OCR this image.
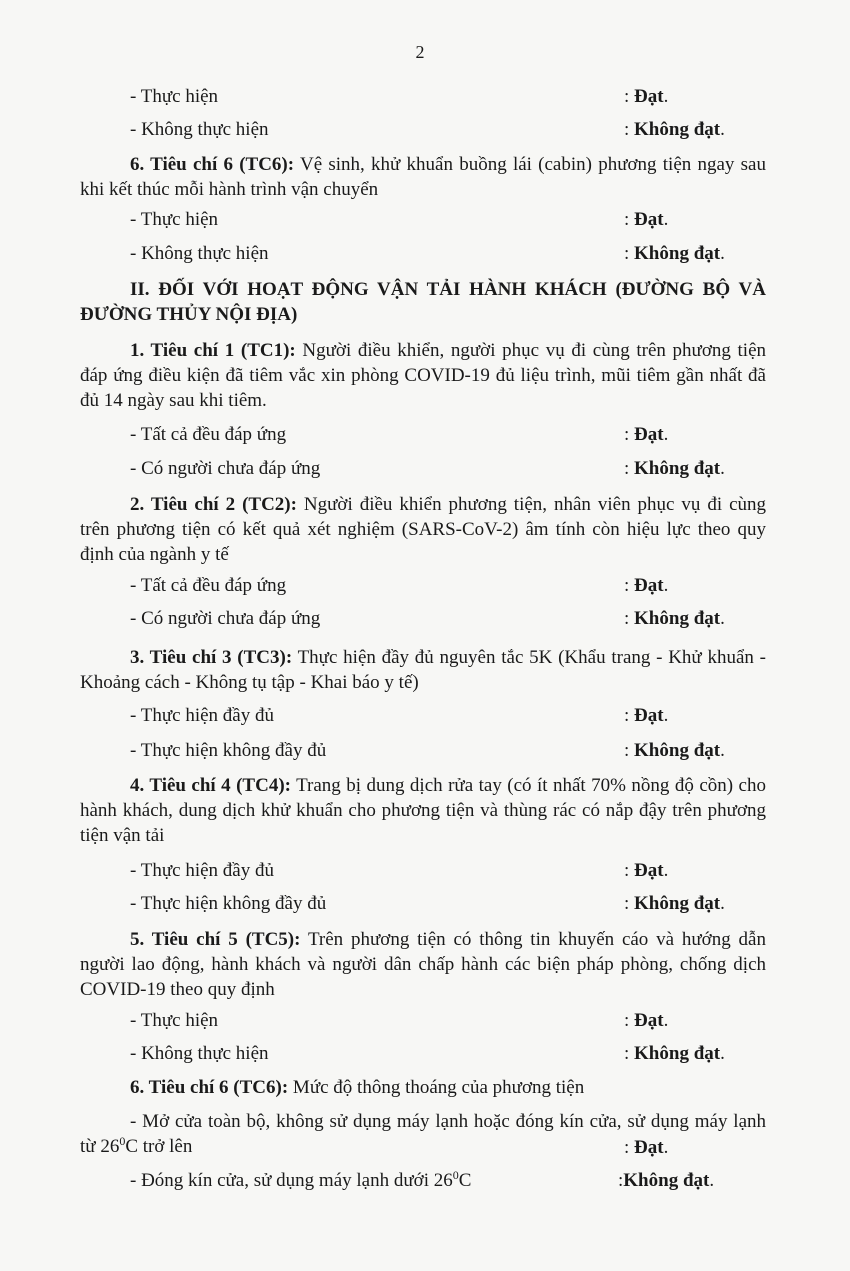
2
- Thực hiện	: Đạt.
- Không thực hiện	: Không đạt.
6. Tiêu chí 6 (TC6): Vệ sinh, khử khuẩn buồng lái (cabin) phương tiện ngay sau khi kết thúc mỗi hành trình vận chuyển
- Thực hiện	: Đạt.
- Không thực hiện	: Không đạt.
II. ĐỐI VỚI HOẠT ĐỘNG VẬN TẢI HÀNH KHÁCH (ĐƯỜNG BỘ VÀ ĐƯỜNG THỦY NỘI ĐỊA)
1. Tiêu chí 1 (TC1): Người điều khiển, người phục vụ đi cùng trên phương tiện đáp ứng điều kiện đã tiêm vắc xin phòng COVID-19 đủ liệu trình, mũi tiêm gần nhất đã đủ 14 ngày sau khi tiêm.
- Tất cả đều đáp ứng	: Đạt.
- Có người chưa đáp ứng	: Không đạt.
2. Tiêu chí 2 (TC2): Người điều khiển phương tiện, nhân viên phục vụ đi cùng trên phương tiện có kết quả xét nghiệm (SARS-CoV-2) âm tính còn hiệu lực theo quy định của ngành y tế
- Tất cả đều đáp ứng	: Đạt.
- Có người chưa đáp ứng	: Không đạt.
3. Tiêu chí 3 (TC3): Thực hiện đầy đủ nguyên tắc 5K (Khẩu trang - Khử khuẩn - Khoảng cách - Không tụ tập - Khai báo y tế)
- Thực hiện đầy đủ	: Đạt.
- Thực hiện không đầy đủ	: Không đạt.
4. Tiêu chí 4 (TC4): Trang bị dung dịch rửa tay (có ít nhất 70% nồng độ cồn) cho hành khách, dung dịch khử khuẩn cho phương tiện và thùng rác có nắp đậy trên phương tiện vận tải
- Thực hiện đầy đủ	: Đạt.
- Thực hiện không đầy đủ	: Không đạt.
5. Tiêu chí 5 (TC5): Trên phương tiện có thông tin khuyến cáo và hướng dẫn người lao động, hành khách và người dân chấp hành các biện pháp phòng, chống dịch COVID-19 theo quy định
- Thực hiện	: Đạt.
- Không thực hiện	: Không đạt.
6. Tiêu chí 6 (TC6): Mức độ thông thoáng của phương tiện
- Mở cửa toàn bộ, không sử dụng máy lạnh hoặc đóng kín cửa, sử dụng máy lạnh từ $26^0C$ trở lên	: Đạt.
- Đóng kín cửa, sử dụng máy lạnh dưới $26^0C$	:Không đạt.
